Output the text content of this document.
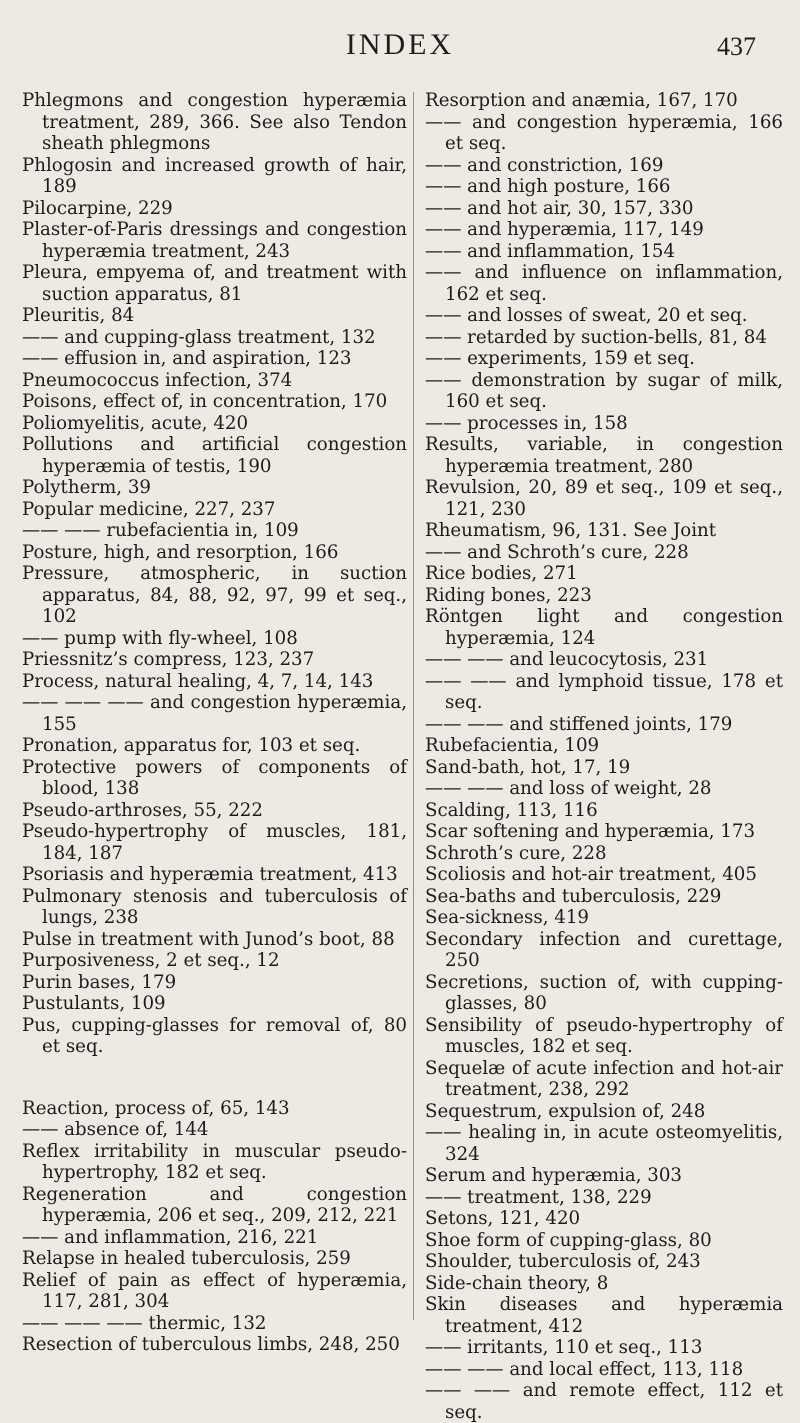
INDEX	437

Phlegmons and congestion hyperæmia treatment, 289, 366. See also Tendon sheath phlegmons

Phlogosin and increased growth of hair, 189

Pilocarpine, 229

Plaster-of-Paris dressings and congestion hyperæmia treatment, 243

Pleura, empyema of, and treatment with suction apparatus, 81

Pleuritis, 84

—— and cupping-glass treatment, 132

—— effusion in, and aspiration, 123

Pneumococcus infection, 374

Poisons, effect of, in concentration, 170

Poliomyelitis, acute, 420

Pollutions and artificial congestion hyperæmia of testis, 190

Polytherm, 39

Popular medicine, 227, 237

—— —— rubefacientia in, 109

Posture, high, and resorption, 166

Pressure, atmospheric, in suction apparatus, 84, 88, 92, 97, 99 et seq., 102

—— pump with fly-wheel, 108

Priessnitz’s compress, 123, 237

Process, natural healing, 4, 7, 14, 143

—— —— —— and congestion hyperæmia, 155

Pronation, apparatus for, 103 et seq.

Protective powers of components of blood, 138

Pseudo-arthroses, 55, 222

Pseudo-hypertrophy of muscles, 181, 184, 187

Psoriasis and hyperæmia treatment, 413

Pulmonary stenosis and tuberculosis of lungs, 238

Pulse in treatment with Junod’s boot, 88

Purposiveness, 2 et seq., 12

Purin bases, 179

Pustulants, 109

Pus, cupping-glasses for removal of, 80 et seq.

Reaction, process of, 65, 143

—— absence of, 144

Reflex irritability in muscular pseudo-hypertrophy, 182 et seq.

Regeneration and congestion hyperæmia, 206 et seq., 209, 212, 221

—— and inflammation, 216, 221

Relapse in healed tuberculosis, 259

Relief of pain as effect of hyperæmia, 117, 281, 304

—— —— —— thermic, 132

Resection of tuberculous limbs, 248, 250

Resorption and anæmia, 167, 170

—— and congestion hyperæmia, 166 et seq.

—— and constriction, 169

—— and high posture, 166

—— and hot air, 30, 157, 330

—— and hyperæmia, 117, 149

—— and inflammation, 154

—— and influence on inflammation, 162 et seq.

—— and losses of sweat, 20 et seq.

—— retarded by suction-bells, 81, 84

—— experiments, 159 et seq.

—— demonstration by sugar of milk, 160 et seq.

—— processes in, 158

Results, variable, in congestion hyperæmia treatment, 280

Revulsion, 20, 89 et seq., 109 et seq., 121, 230

Rheumatism, 96, 131. See Joint

—— and Schroth’s cure, 228

Rice bodies, 271

Riding bones, 223

Röntgen light and congestion hyperæmia, 124

—— —— and leucocytosis, 231

—— —— and lymphoid tissue, 178 et seq.

—— —— and stiffened joints, 179

Rubefacientia, 109

Sand-bath, hot, 17, 19

—— —— and loss of weight, 28

Scalding, 113, 116

Scar softening and hyperæmia, 173

Schroth’s cure, 228

Scoliosis and hot-air treatment, 405

Sea-baths and tuberculosis, 229

Sea-sickness, 419

Secondary infection and curettage, 250

Secretions, suction of, with cupping-glasses, 80

Sensibility of pseudo-hypertrophy of muscles, 182 et seq.

Sequelæ of acute infection and hot-air treatment, 238, 292

Sequestrum, expulsion of, 248

—— healing in, in acute osteomyelitis, 324

Serum and hyperæmia, 303

—— treatment, 138, 229

Setons, 121, 420

Shoe form of cupping-glass, 80

Shoulder, tuberculosis of, 243

Side-chain theory, 8

Skin diseases and hyperæmia treatment, 412

—— irritants, 110 et seq., 113

—— —— and local effect, 113, 118

—— —— and remote effect, 112 et seq.
